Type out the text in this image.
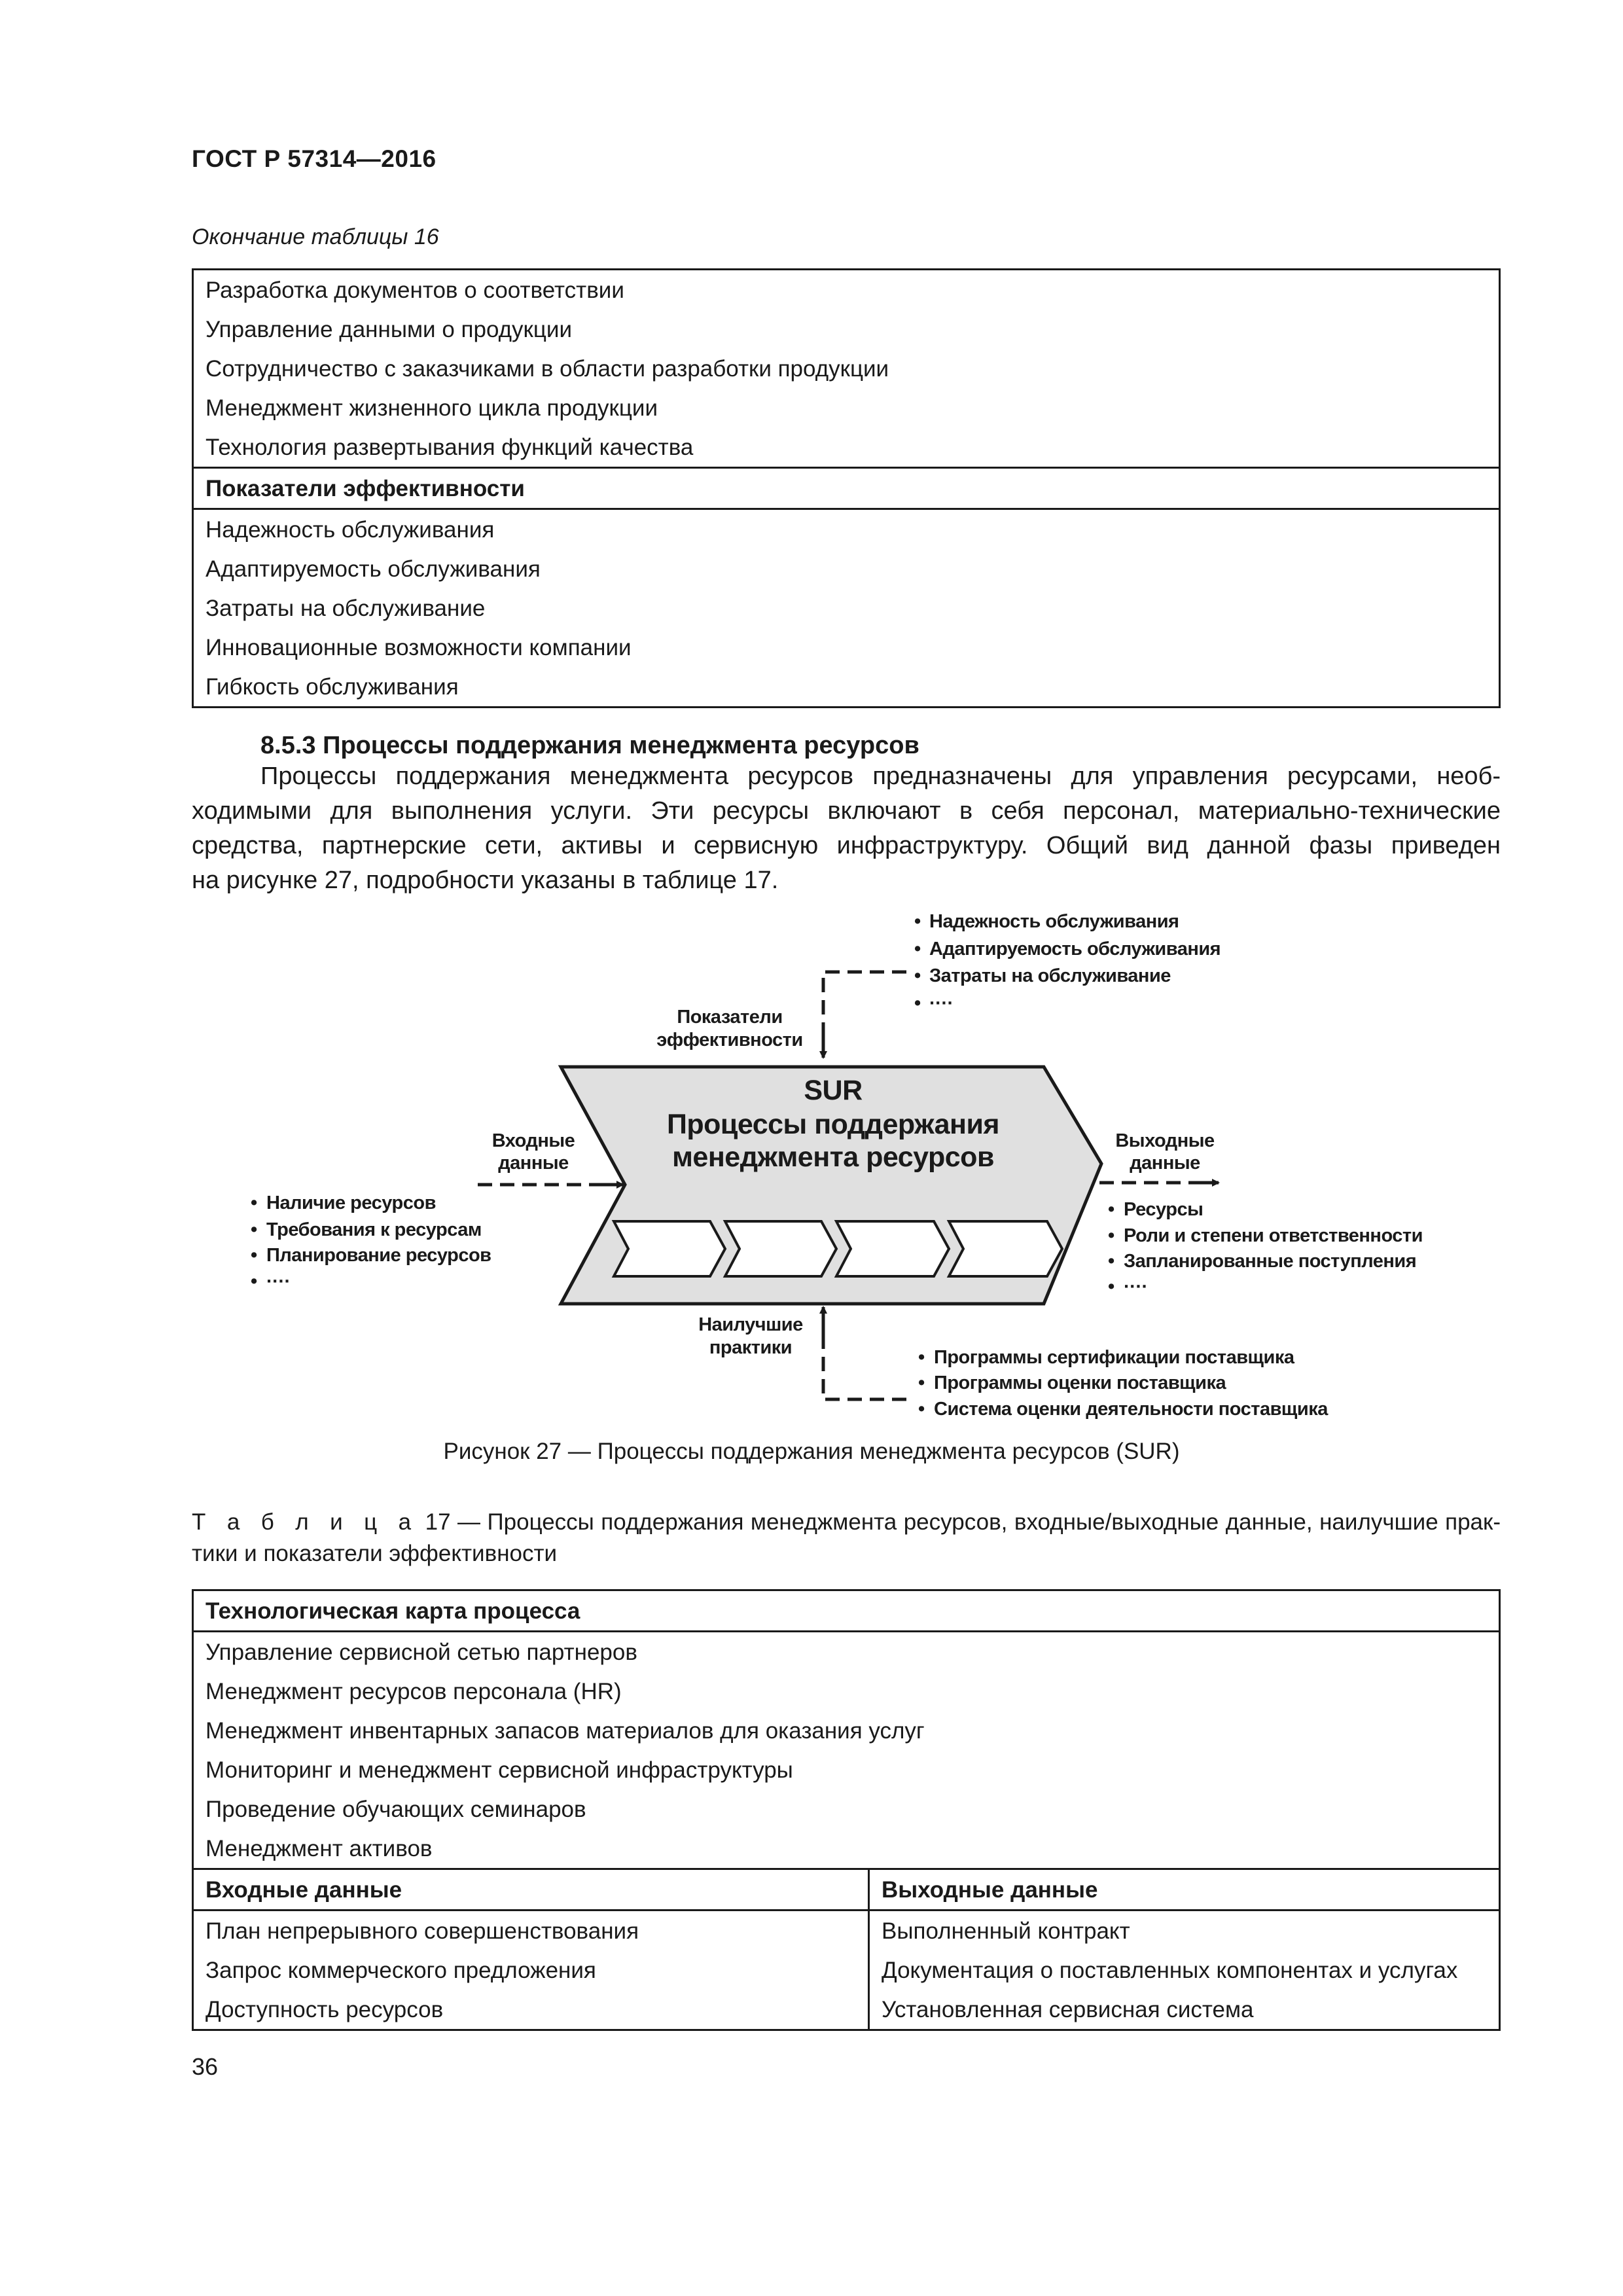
ГОСТ Р 57314—2016
Окончание таблицы 16
Разработка документов о соответствии
Управление данными о продукции
Сотрудничество с заказчиками в области разработки продукции
Менеджмент жизненного цикла продукции
Технология развертывания функций качества
Показатели эффективности
Надежность обслуживания
Адаптируемость обслуживания
Затраты на обслуживание
Инновационные возможности компании
Гибкость обслуживания
8.5.3 Процессы поддержания менеджмента ресурсов
Процессы поддержания менеджмента ресурсов предназначены для управления ресурсами, необ-
ходимыми для выполнения услуги. Эти ресурсы включают в себя персонал, материально-технические
средства, партнерские сети, активы и сервисную инфраструктуру. Общий вид данной фазы приведен
на рисунке 27, подробности указаны в таблице 17.
• Надежность обслуживания
• Адаптируемость обслуживания
• Затраты на обслуживание
• ····
Показатели
эффективности
SUR
Процессы поддержания
менеджмента ресурсов
Входные
данные
• Наличие ресурсов
• Требования к ресурсам
• Планирование ресурсов
• ····
Выходные
данные
• Ресурсы
• Роли и степени ответственности
• Запланированные поступления
• ····
Наилучшие
практики	• Программы сертификации поставщика
• Программы оценки поставщика
• Система оценки деятельности поставщика
Рисунок 27 — Процессы поддержания менеджмента ресурсов (SUR)
Т а б л и ц а 17 — Процессы поддержания менеджмента ресурсов, входные/выходные данные, наилучшие прак-
тики и показатели эффективности
Технологическая карта процесса	
Управление сервисной сетью партнеров	
Менеджмент ресурсов персонала (HR)	
Менеджмент инвентарных запасов материалов для оказания услуг	
Мониторинг и менеджмент сервисной инфраструктуры	
Проведение обучающих семинаров	
Менеджмент активов	
Входные данные	Выходные данные
План непрерывного совершенствования	Выполненный контракт
Запрос коммерческого предложения	Документация о поставленных компонентах и услугах
Доступность ресурсов	Установленная сервисная система
36
